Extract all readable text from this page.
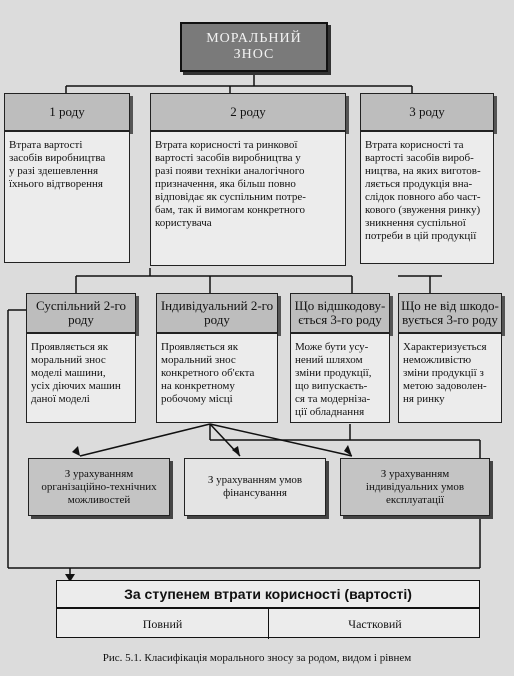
МОРАЛЬНИЙ
ЗНОС
1 роду
Втрата вартості
засобів виробництва
у разі здешевлення
їхнього відтворення
2 роду
Втрата корисності та ринкової
вартості засобів виробництва у
разі появи техніки аналогічного
призначення, яка більш повно
відповідає як суспільним потре-
бам, так й вимогам конкретного
користувача
3 роду
Втрата корисності та
вартості засобів вироб-
ництва, на яких виготов-
ляється продукція вна-
слідок повного або част-
кового (звуження ринку)
зникнення суспільної
потреби в цій продукції
Суспільний 2-го роду
Проявляється як
моральний знос
моделі машини,
усіх діючих машин
даної моделі
Індивідуальний 2-го роду
Проявляється як
моральний знос
конкретного об'єкта
на конкретному
робочому місці
Що відшкодову- ється 3-го роду
Може бути усу-
нений шляхом
зміни продукції,
що випускаєть-
ся та модернiза-
ції обладнання
Що не від шкодо- вується 3-го роду
Характеризується
неможливістю
зміни продукції з
метою задоволен-
ня ринку
З урахуванням
організаційно-технічних
можливостей
З урахуванням умов
фінансування
З урахуванням
індивідуальних умов
експлуатації
За ступенем втрати корисності (вартості)
Повний	Частковий
Рис. 5.1. Класифікація морального зносу за родом, видом і рівнем
